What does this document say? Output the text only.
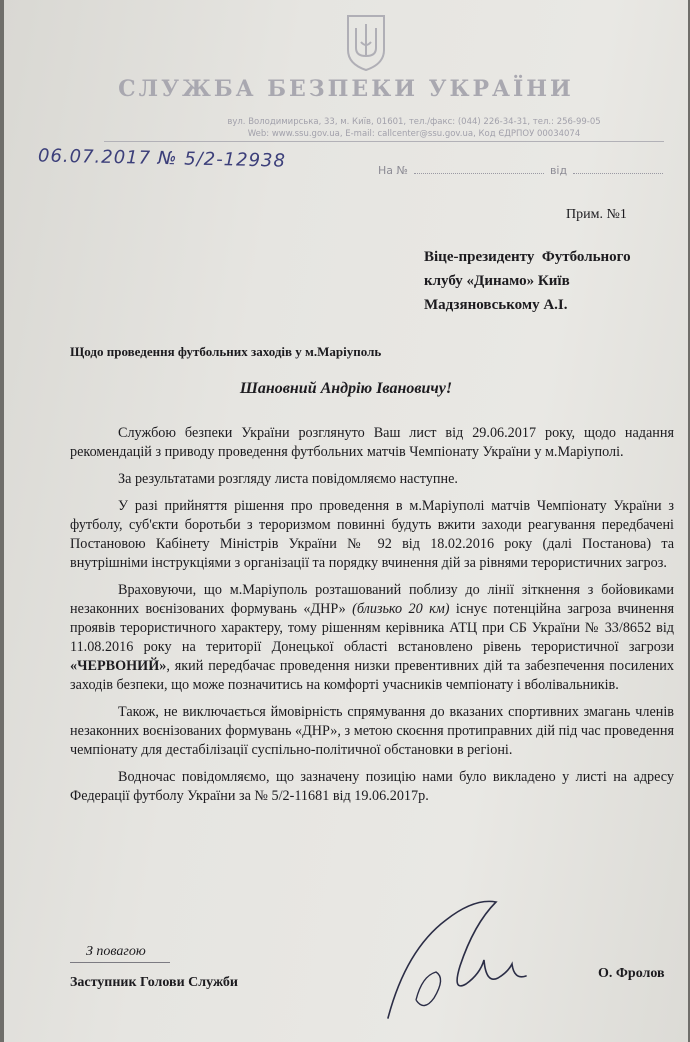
СЛУЖБА БЕЗПЕКИ УКРАЇНИ
вул. Володимирська, 33, м. Київ, 01601, тел./факс: (044) 226-34-31, тел.: 256-99-05
Web: www.ssu.gov.ua, E-mail: callcenter@ssu.gov.ua, Код ЄДРПОУ 00034074
06.07.2017 № 5/2-12938	На №	від
Прим. №1
Віце-президенту  Футбольного
клубу «Динамо» Київ
Мадзяновському А.І.
Щодо проведення футбольних заходів у м.Маріуполь
Шановний Андрію Івановичу!

Службою безпеки України розглянуто Ваш лист від 29.06.2017 року, щодо надання рекомендацій з приводу проведення футбольних матчів Чемпіонату України у м.Маріуполі.

За результатами розгляду листа повідомляємо наступне.

У разі прийняття рішення про проведення в м.Маріуполі матчів Чемпіонату України з футболу, суб'єкти боротьби з тероризмом повинні будуть вжити заходи реагування передбачені Постановою Кабінету Міністрів України № 92 від 18.02.2016 року (далі Постанова) та внутрішніми інструкціями з організації та порядку вчинення дій за рівнями терористичних загроз.

Враховуючи, що м.Маріуполь розташований поблизу до лінії зіткнення з бойовиками незаконних воєнізованих формувань «ДНР» (близько 20 км) існує потенційна загроза вчинення проявів терористичного характеру, тому рішенням керівника АТЦ при СБ України № 33/8652 від 11.08.2016 року на території Донецької області встановлено рівень терористичної загрози «ЧЕРВОНИЙ», який передбачає проведення низки превентивних дій та забезпечення посилених заходів безпеки, що може позначитись на комфорті учасників чемпіонату і вболівальників.

Також, не виключається ймовірність спрямування до вказаних спортивних змагань членів незаконних воєнізованих формувань «ДНР», з метою скоєння протиправних дій під час проведення чемпіонату для дестабілізації суспільно-політичної обстановки в регіоні.

Водночас повідомляємо, що зазначену позицію нами було викладено у листі на адресу Федерації футболу України за № 5/2-11681 від 19.06.2017р.

З повагою
Заступник Голови Служби
О. Фролов
